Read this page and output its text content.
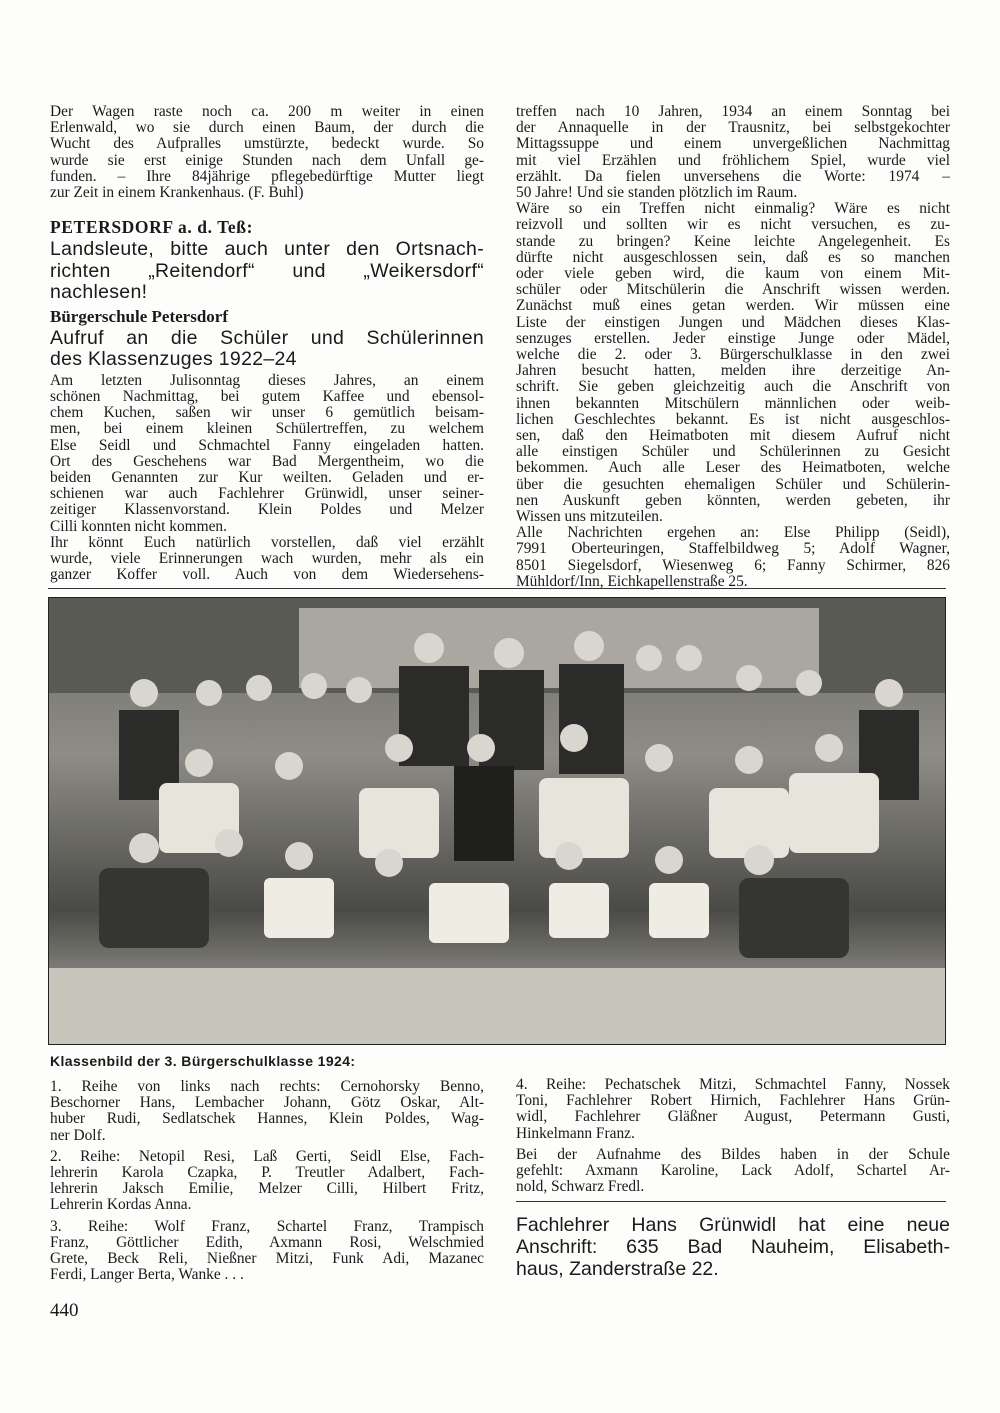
Der Wagen raste noch ca. 200 m weiter in einen
Erlenwald, wo sie durch einen Baum, der durch die
Wucht des Aufpralles umstürzte, bedeckt wurde. So
wurde sie erst einige Stunden nach dem Unfall ge-
funden. – Ihre 84jährige pflegebedürftige Mutter liegt
zur Zeit in einem Krankenhaus. (F. Buhl)

PETERSDORF a. d. Teß:

Landsleute, bitte auch unter den Ortsnach-
richten „Reitendorf“ und „Weikersdorf“
nachlesen!

Bürgerschule Petersdorf

Aufruf an die Schüler und Schülerinnen
des Klassenzuges 1922–24

Am letzten Julisonntag dieses Jahres, an einem
schönen Nachmittag, bei gutem Kaffee und ebensol-
chem Kuchen, saßen wir unser 6 gemütlich beisam-
men, bei einem kleinen Schülertreffen, zu welchem
Else Seidl und Schmachtel Fanny eingeladen hatten.
Ort des Geschehens war Bad Mergentheim, wo die
beiden Genannten zur Kur weilten. Geladen und er-
schienen war auch Fachlehrer Grünwidl, unser seiner-
zeitiger Klassenvorstand. Klein Poldes und Melzer
Cilli konnten nicht kommen.
Ihr könnt Euch natürlich vorstellen, daß viel erzählt
wurde, viele Erinnerungen wach wurden, mehr als ein
ganzer Koffer voll. Auch von dem Wiedersehens-

treffen nach 10 Jahren, 1934 an einem Sonntag bei
der Annaquelle in der Trausnitz, bei selbstgekochter
Mittagssuppe und einem unvergeßlichen Nachmittag
mit viel Erzählen und fröhlichem Spiel, wurde viel
erzählt. Da fielen unversehens die Worte: 1974 –
50 Jahre! Und sie standen plötzlich im Raum.
Wäre so ein Treffen nicht einmalig? Wäre es nicht
reizvoll und sollten wir es nicht versuchen, es zu-
stande zu bringen? Keine leichte Angelegenheit. Es
dürfte nicht ausgeschlossen sein, daß es so manchen
oder viele geben wird, die kaum von einem Mit-
schüler oder Mitschülerin die Anschrift wissen werden.
Zunächst muß eines getan werden. Wir müssen eine
Liste der einstigen Jungen und Mädchen dieses Klas-
senzuges erstellen. Jeder einstige Junge oder Mädel,
welche die 2. oder 3. Bürgerschulklasse in den zwei
Jahren besucht hatten, melden ihre derzeitige An-
schrift. Sie geben gleichzeitig auch die Anschrift von
ihnen bekannten Mitschülern männlichen oder weib-
lichen Geschlechtes bekannt. Es ist nicht ausgeschlos-
sen, daß den Heimatboten mit diesem Aufruf nicht
alle einstigen Schüler und Schülerinnen zu Gesicht
bekommen. Auch alle Leser des Heimatboten, welche
über die gesuchten ehemaligen Schüler und Schülerin-
nen Auskunft geben könnten, werden gebeten, ihr
Wissen uns mitzuteilen.
Alle Nachrichten ergehen an: Else Philipp (Seidl),
7991 Oberteuringen, Staffelbildweg 5; Adolf Wagner,
8501 Siegelsdorf, Wiesenweg 6; Fanny Schirmer, 826
Mühldorf/Inn, Eichkapellenstraße 25.

Klassenbild der 3. Bürgerschulklasse 1924:

1. Reihe von links nach rechts: Cernohorsky Benno,
Beschorner Hans, Lembacher Johann, Götz Oskar, Alt-
huber Rudi, Sedlatschek Hannes, Klein Poldes, Wag-
ner Dolf.

2. Reihe: Netopil Resi, Laß Gerti, Seidl Else, Fach-
lehrerin Karola Czapka, P. Treutler Adalbert, Fach-
lehrerin Jaksch Emilie, Melzer Cilli, Hilbert Fritz,
Lehrerin Kordas Anna.

3. Reihe: Wolf Franz, Schartel Franz, Trampisch
Franz, Göttlicher Edith, Axmann Rosi, Welschmied
Grete, Beck Reli, Nießner Mitzi, Funk Adi, Mazanec
Ferdi, Langer Berta, Wanke . . .

4. Reihe: Pechatschek Mitzi, Schmachtel Fanny, Nossek
Toni, Fachlehrer Robert Hirnich, Fachlehrer Hans Grün-
widl, Fachlehrer Gläßner August, Petermann Gusti,
Hinkelmann Franz.

Bei der Aufnahme des Bildes haben in der Schule
gefehlt: Axmann Karoline, Lack Adolf, Schartel Ar-
nold, Schwarz Fredl.

Fachlehrer Hans Grünwidl hat eine neue
Anschrift: 635 Bad Nauheim, Elisabeth-
haus, Zanderstraße 22.

440
